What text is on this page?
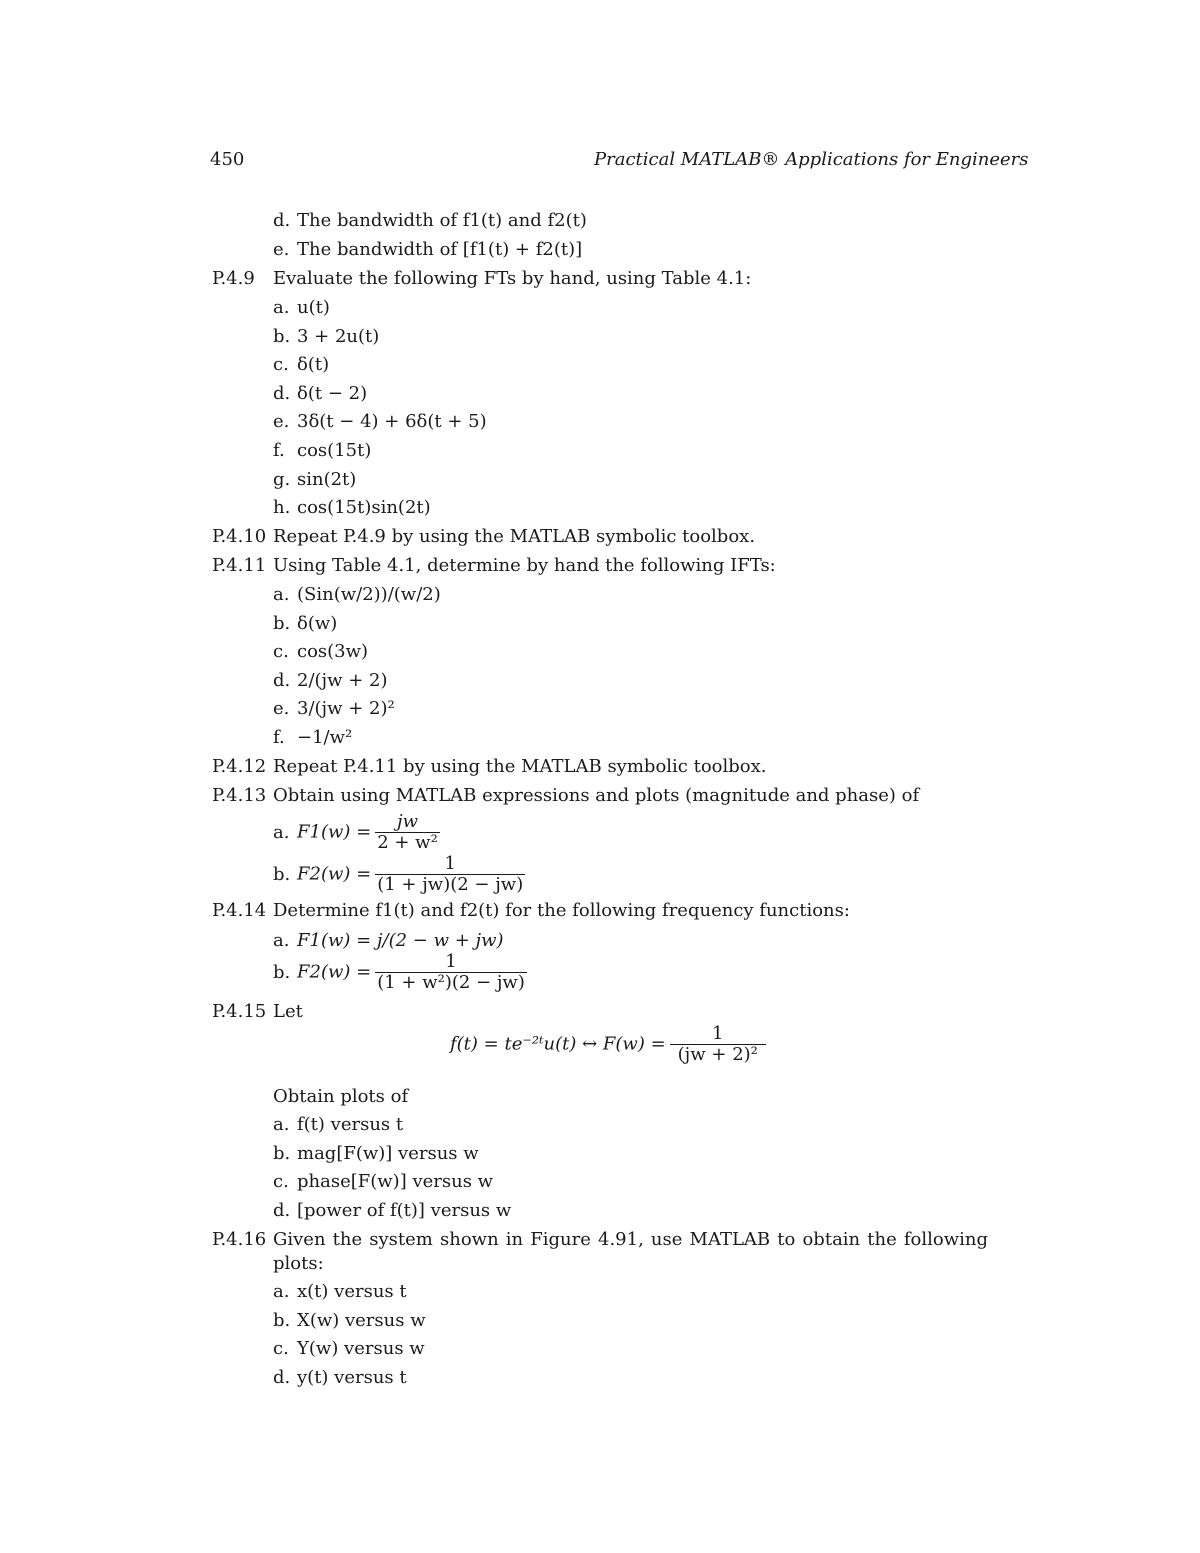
450	Practical MATLAB® Applications for Engineers
d. The bandwidth of f1(t) and f2(t)
e. The bandwidth of [f1(t) + f2(t)]
P.4.9 Evaluate the following FTs by hand, using Table 4.1:
a. u(t)
b. 3 + 2u(t)
c. δ(t)
d. δ(t − 2)
e. 3δ(t − 4) + 6δ(t + 5)
f. cos(15t)
g. sin(2t)
h. cos(15t)sin(2t)
P.4.10 Repeat P.4.9 by using the MATLAB symbolic toolbox.
P.4.11 Using Table 4.1, determine by hand the following IFTs:
a. (Sin(w/2))/(w/2)
b. δ(w)
c. cos(3w)
d. 2/(jw + 2)
e. 3/(jw + 2)²
f. −1/w²
P.4.12 Repeat P.4.11 by using the MATLAB symbolic toolbox.
P.4.13 Obtain using MATLAB expressions and plots (magnitude and phase) of
a. $F1(w) = \frac{jw}{\text{2 + w²}}$
b. $F2(w) = \frac{1}{(1 + jw)(2 - jw)}$
P.4.14 Determine f1(t) and f2(t) for the following frequency functions:
a. F1(w) = j/(2 − w + jw)
b. $F2(w) = \frac{1}{\text{(1 + w²)(2 − jw)}}$
P.4.15 Let
f(t) = te⁻²ᵗu(t) ↔ $F(w) = \frac{1}{\text{(jw + 2)²}}$
Obtain plots of
a. f(t) versus t
b. mag[F(w)] versus w
c. phase[F(w)] versus w
d. [power of f(t)] versus w
P.4.16 Given the system shown in Figure 4.91, use MATLAB to obtain the following
plots:
a. x(t) versus t
b. X(w) versus w
c. Y(w) versus w
d. y(t) versus t
